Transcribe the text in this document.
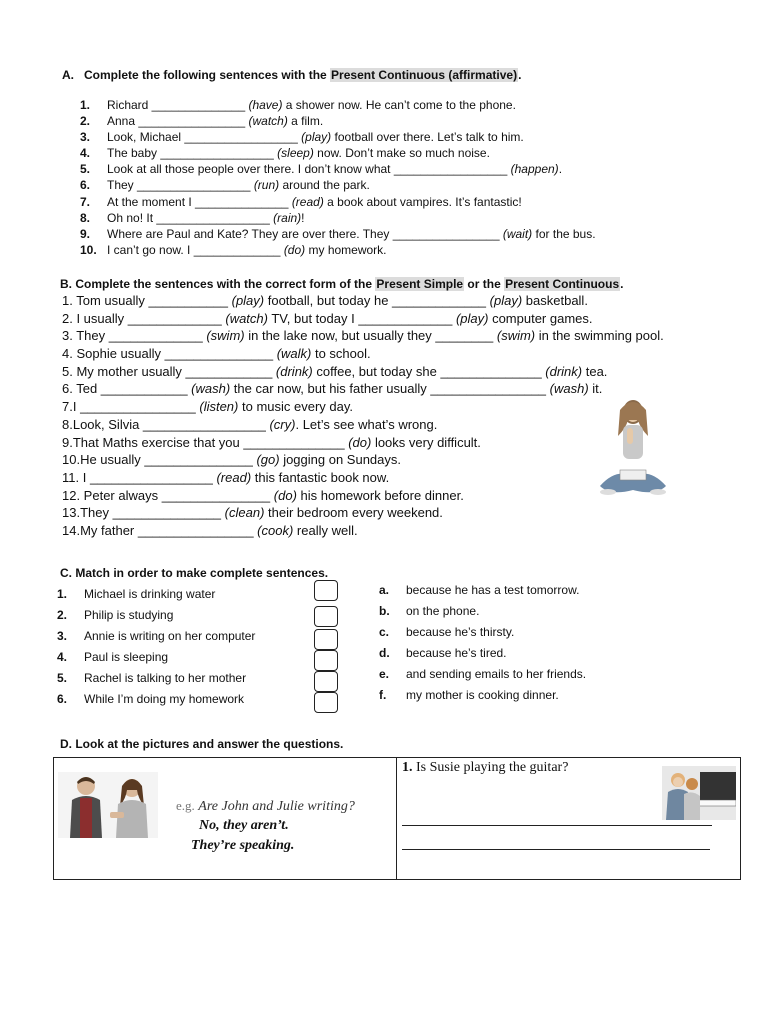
A. Complete the following sentences with the Present Continuous (affirmative).
1. Richard ______________ (have) a shower now. He can’t come to the phone.
2. Anna ________________ (watch) a film.
3. Look, Michael _________________ (play) football over there. Let’s talk to him.
4. The baby _________________ (sleep) now. Don’t make so much noise.
5. Look at all those people over there. I don’t know what _________________ (happen).
6. They _________________ (run) around the park.
7. At the moment I ______________ (read) a book about vampires. It’s fantastic!
8. Oh no! It _________________ (rain)!
9. Where are Paul and Kate? They are over there. They ________________ (wait) for the bus.
10. I can’t go now. I _____________ (do) my homework.
B. Complete the sentences with the correct form of the Present Simple or the Present Continuous.
1. Tom usually ___________ (play) football, but today he _____________ (play) basketball.
2. I usually _____________ (watch) TV, but today I _____________ (play) computer games.
3. They _____________ (swim) in the lake now, but usually they ________ (swim) in the swimming pool.
4. Sophie usually _______________ (walk) to school.
5. My mother usually ____________ (drink) coffee, but today she ______________ (drink) tea.
6. Ted ____________ (wash) the car now, but his father usually ________________ (wash) it.
7.I ________________ (listen) to music every day.
8.Look, Silvia _________________ (cry). Let’s see what’s wrong.
9.That Maths exercise that you ______________ (do) looks very difficult.
10.He usually _______________ (go) jogging on Sundays.
11. I _________________ (read) this fantastic book now.
12. Peter always _______________ (do) his homework before dinner.
13.They _______________ (clean) their bedroom every weekend.
14.My father ________________ (cook) really well.
C. Match in order to make complete sentences.
1. Michael is drinking water
2. Philip is studying
3. Annie is writing on her computer
4. Paul is sleeping
5. Rachel is talking to her mother
6. While I’m doing my homework
a. because he has a test tomorrow.
b. on the phone.
c. because he’s thirsty.
d. because he’s tired.
e. and sending emails to her friends.
f. my mother is cooking dinner.
D. Look at the pictures and answer the questions.
e.g. Are John and Julie writing?
No, they aren’t.
They’re speaking.
1. Is Susie playing the guitar?
